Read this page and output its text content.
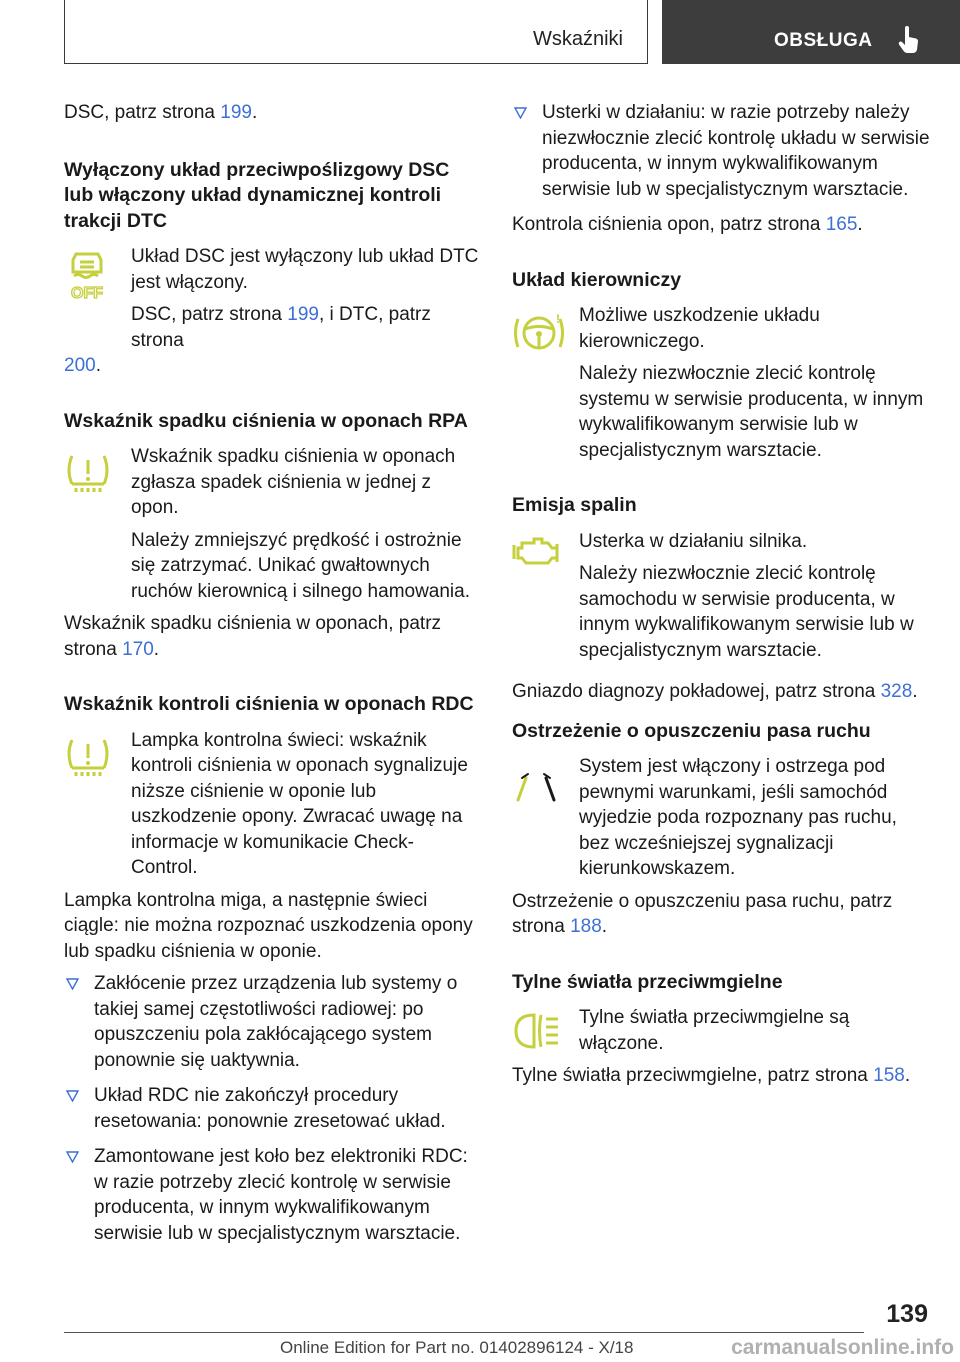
Wskaźniki	OBSŁUGA

DSC, patrz strona 199.

Wyłączony układ przeciwpoślizgowy DSC lub włączony układ dynamicznej kontroli trakcji DTC
OFF

Układ DSC jest wyłączony lub układ DTC jest włączony.

DSC, patrz strona 199, i DTC, patrz strona

200.

Wskaźnik spadku ciśnienia w oponach RPA

Wskaźnik spadku ciśnienia w oponach zgłasza spadek ciśnienia w jednej z opon.

Należy zmniejszyć prędkość i ostrożnie się zatrzymać. Unikać gwałtownych ruchów kierownicą i silnego hamowania.

Wskaźnik spadku ciśnienia w oponach, patrz strona 170.

Wskaźnik kontroli ciśnienia w oponach RDC

Lampka kontrolna świeci: wskaźnik kontroli ciśnienia w oponach sygnalizuje niższe ciśnienie w oponie lub uszkodzenie opony. Zwracać uwagę na informacje w komunikacie Check-Control.

Lampka kontrolna miga, a następnie świeci ciągle: nie można rozpoznać uszkodzenia opony lub spadku ciśnienia w oponie.

Zakłócenie przez urządzenia lub systemy o takiej samej częstotliwości radiowej: po opuszczeniu pola zakłócającego system ponownie się uaktywnia.
Układ RDC nie zakończył procedury resetowania: ponownie zresetować układ.
Zamontowane jest koło bez elektroniki RDC: w razie potrzeby zlecić kontrolę w serwisie producenta, w innym wykwalifikowanym serwisie lub w specjalistycznym warsztacie.
Usterki w działaniu: w razie potrzeby należy niezwłocznie zlecić kontrolę układu w serwisie producenta, w innym wykwalifikowanym serwisie lub w specjalistycznym warsztacie.

Kontrola ciśnienia opon, patrz strona 165.

Układ kierowniczy
! Możliwe uszkodzenie układu kierowniczego.

Należy niezwłocznie zlecić kontrolę systemu w serwisie producenta, w innym wykwalifikowanym serwisie lub w specjalistycznym warsztacie.

Emisja spalin

Usterka w działaniu silnika.

Należy niezwłocznie zlecić kontrolę samochodu w serwisie producenta, w innym wykwalifikowanym serwisie lub w specjalistycznym warsztacie.

Gniazdo diagnozy pokładowej, patrz strona 328.

Ostrzeżenie o opuszczeniu pasa ruchu

System jest włączony i ostrzega pod pewnymi warunkami, jeśli samochód wyjedzie poda rozpoznany pas ruchu, bez wcześniejszej sygnalizacji kierunkowskazem.

Ostrzeżenie o opuszczeniu pasa ruchu, patrz strona 188.

Tylne światła przeciwmgielne

Tylne światła przeciwmgielne są włączone.

Tylne światła przeciwmgielne, patrz strona 158.

139
Online Edition for Part no. 01402896124 - X/18	carmanualsonline.info
